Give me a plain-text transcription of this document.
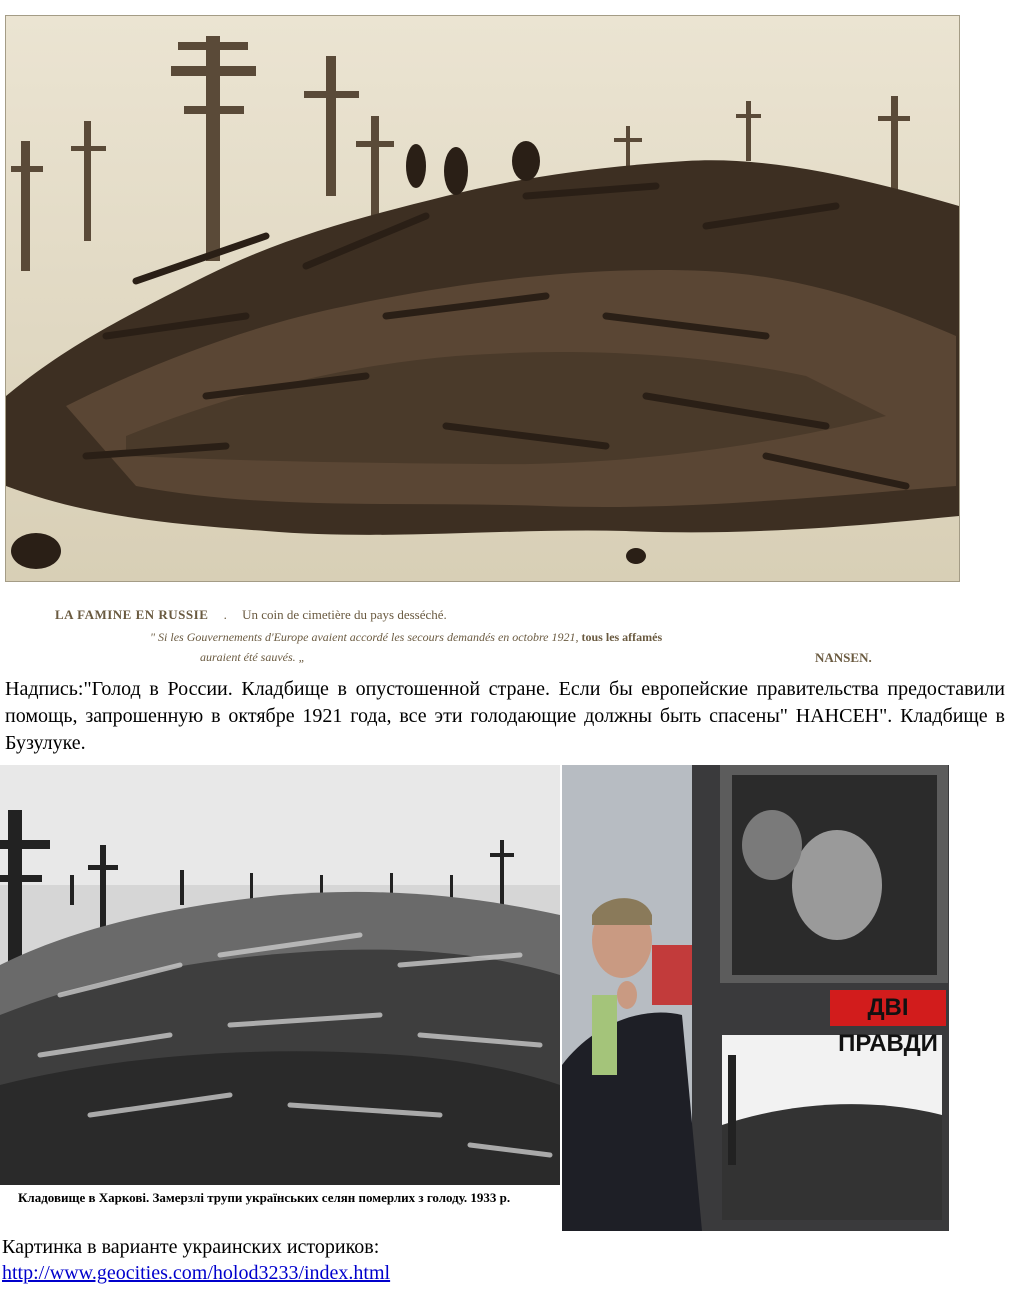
LA FAMINE EN RUSSIE . Un coin de cimetière du pays desséché.
" Si les Gouvernements d'Europe avaient accordé les secours demandés en octobre 1921, tous les affamés
auraient été sauvés. „	NANSEN.
Надпись:"Голод в России. Кладбище в опустошенной стране. Если бы европейские правительства предоставили помощь, запрошенную в октябре 1921 года, все эти голодающие должны быть спасены" НАНСЕН". Кладбище в Бузулуке.
Кладовище в Харкові. Замерзлі трупи українських селян померлих з голоду. 1933 р.
ДВІ ПРАВДИ
Картинка в варианте украинских историков:
http://www.geocities.com/holod3233/index.html
